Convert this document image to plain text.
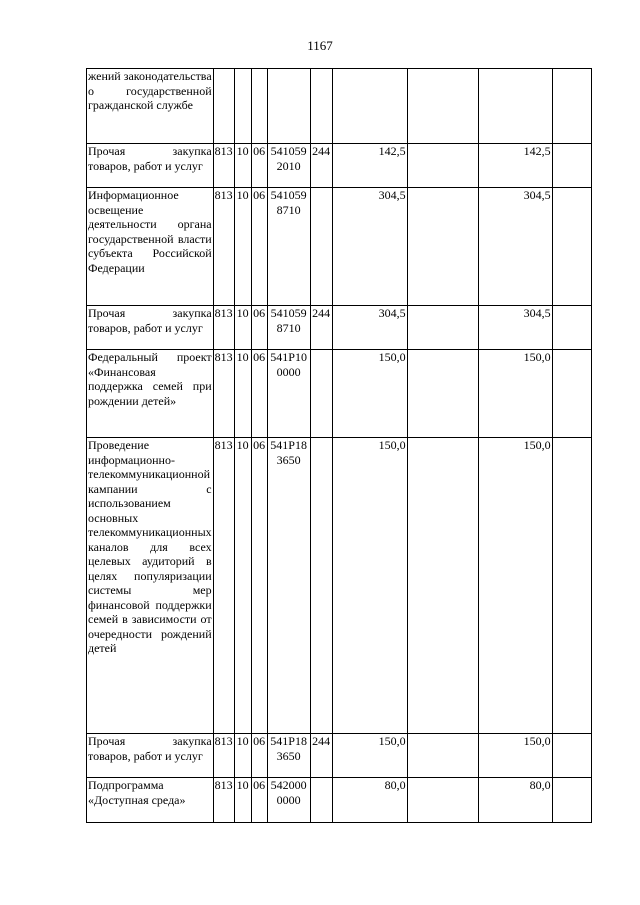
1167
жений законодательства о государственной гражданской службе									
Прочая закупка товаров, работ и услуг	813	10	06	5410592010	244	142,5		142,5	
Информационное освещение деятельности органа государственной власти субъекта Российской Федерации	813	10	06	5410598710		304,5		304,5	
Прочая закупка товаров, работ и услуг	813	10	06	5410598710	244	304,5		304,5	
Федеральный проект «Финансовая поддержка семей при рождении детей»	813	10	06	541P100000		150,0		150,0	
Проведение информационно-телекоммуникационной кампании с использованием основных телекоммуникационных каналов для всех целевых аудиторий в целях популяризации системы мер финансовой поддержки семей в зависимости от очередности рождений детей	813	10	06	541P183650		150,0		150,0	
Прочая закупка товаров, работ и услуг	813	10	06	541P183650	244	150,0		150,0	
Подпрограмма «Доступная среда»	813	10	06	5420000000		80,0		80,0	
